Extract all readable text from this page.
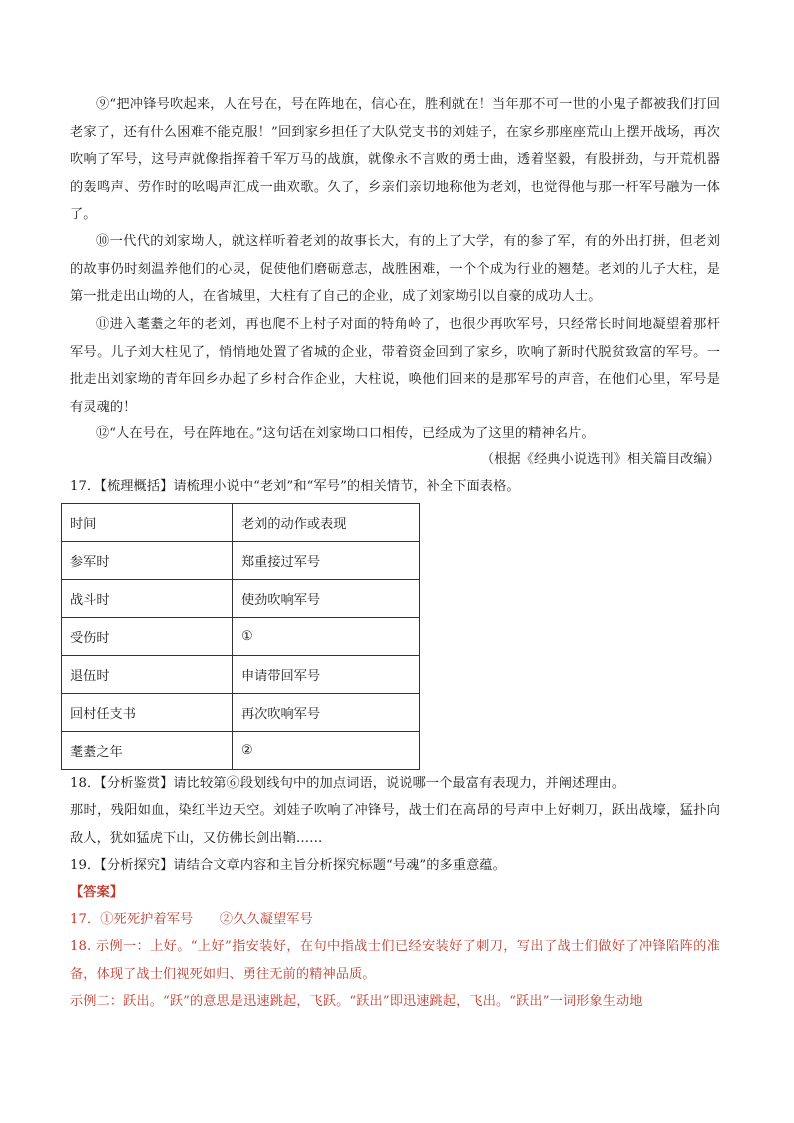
⑨“把冲锋号吹起来，人在号在，号在阵地在，信心在，胜利就在！当年那不可一世的小鬼子都被我们打回老家了，还有什么困难不能克服！”回到家乡担任了大队党支书的刘娃子，在家乡那座座荒山上摆开战场，再次吹响了军号，这号声就像指挥着千军万马的战旗，就像永不言败的勇士曲，透着坚毅，有股拼劲，与开荒机器的轰鸣声、劳作时的吆喝声汇成一曲欢歌。久了，乡亲们亲切地称他为老刘，也觉得他与那一杆军号融为一体了。

⑩一代代的刘家坳人，就这样听着老刘的故事长大，有的上了大学，有的参了军，有的外出打拼，但老刘的故事仍时刻温养他们的心灵，促使他们磨砺意志，战胜困难，一个个成为行业的翘楚。老刘的儿子大柱，是第一批走出山坳的人，在省城里，大柱有了自己的企业，成了刘家坳引以自豪的成功人士。

⑪进入耄耋之年的老刘，再也爬不上村子对面的特角岭了，也很少再吹军号，只经常长时间地凝望着那杆军号。儿子刘大柱见了，悄悄地处置了省城的企业，带着资金回到了家乡，吹响了新时代脱贫致富的军号。一批走出刘家坳的青年回乡办起了乡村合作企业，大柱说，唤他们回来的是那军号的声音，在他们心里，军号是有灵魂的！

⑫“人在号在，号在阵地在。”这句话在刘家坳口口相传，已经成为了这里的精神名片。

（根据《经典小说选刊》相关篇目改编）

17．【梳理概括】请梳理小说中“老刘”和“军号”的相关情节，补全下面表格。

时间	老刘的动作或表现
参军时	郑重接过军号
战斗时	使劲吹响军号
受伤时	①
退伍时	申请带回军号
回村任支书	再次吹响军号
耄耋之年	②

18．【分析鉴赏】请比较第⑥段划线句中的加点词语，说说哪一个最富有表现力，并阐述理由。

那时，残阳如血，染红半边天空。刘娃子吹响了冲锋号，战士们在高昂的号声中上好刺刀，跃出战壕，猛扑向敌人，犹如猛虎下山，又仿佛长剑出鞘……

19．【分析探究】请结合文章内容和主旨分析探究标题“号魂”的多重意蕴。

【答案】

17．①死死护着军号　　②久久凝望军号

18. 示例一：上好。“上好”指安装好，在句中指战士们已经安装好了刺刀，写出了战士们做好了冲锋陷阵的准备，体现了战士们视死如归、勇往无前的精神品质。

示例二：跃出。“跃”的意思是迅速跳起，飞跃。“跃出”即迅速跳起，飞出。“跃出”一词形象生动地
